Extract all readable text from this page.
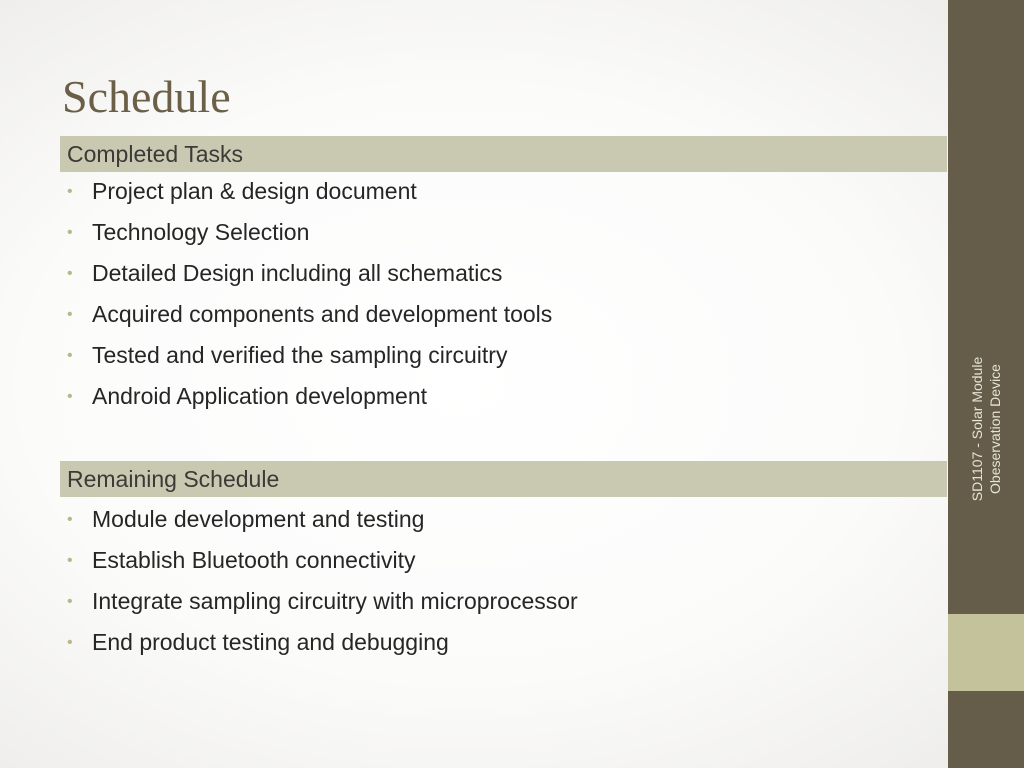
Schedule
Completed Tasks
• Project plan & design document
• Technology Selection
• Detailed Design including all schematics
• Acquired components and development tools
• Tested and verified the sampling circuitry
• Android Application development
Remaining Schedule
• Module development and testing
• Establish Bluetooth connectivity
• Integrate sampling circuitry with microprocessor
• End product testing and debugging
SD1107 - Solar Module Obeservation Device
